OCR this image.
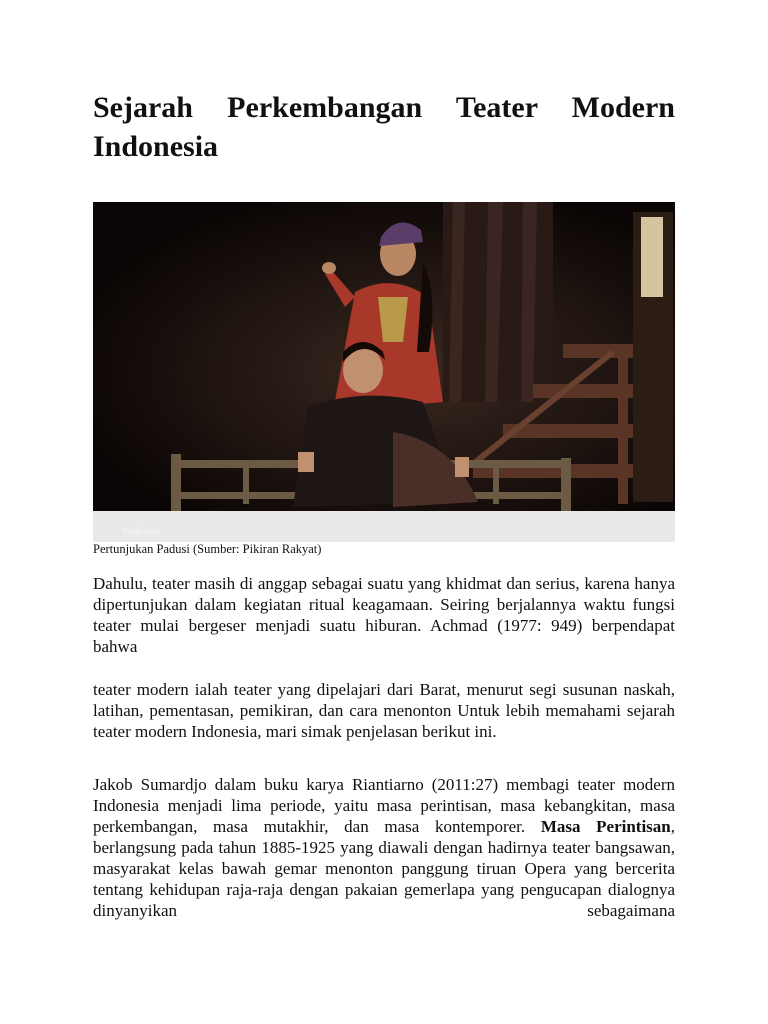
Sejarah Perkembangan Teater Modern Indonesia
Pelbane
Pertunjukan Padusi (Sumber: Pikiran Rakyat)

Dahulu, teater masih di anggap sebagai suatu yang khidmat dan serius, karena hanya dipertunjukan dalam kegiatan ritual keagamaan. Seiring berjalannya waktu fungsi teater mulai bergeser menjadi suatu hiburan. Achmad (1977: 949) berpendapat bahwa

teater modern ialah teater yang dipelajari dari Barat, menurut segi susunan naskah, latihan, pementasan, pemikiran, dan cara menonton Untuk lebih memahami sejarah teater modern Indonesia, mari simak penjelasan berikut ini.

Jakob Sumardjo dalam buku karya Riantiarno (2011:27) membagi teater modern Indonesia menjadi lima periode, yaitu masa perintisan, masa kebangkitan, masa perkembangan, masa mutakhir, dan masa kontemporer. Masa Perintisan, berlangsung pada tahun 1885-1925 yang diawali dengan hadirnya teater bangsawan, masyarakat kelas bawah gemar menonton panggung tiruan Opera yang bercerita tentang kehidupan raja-raja dengan pakaian gemerlapa yang pengucapan dialognya dinyanyikan sebagaimana
